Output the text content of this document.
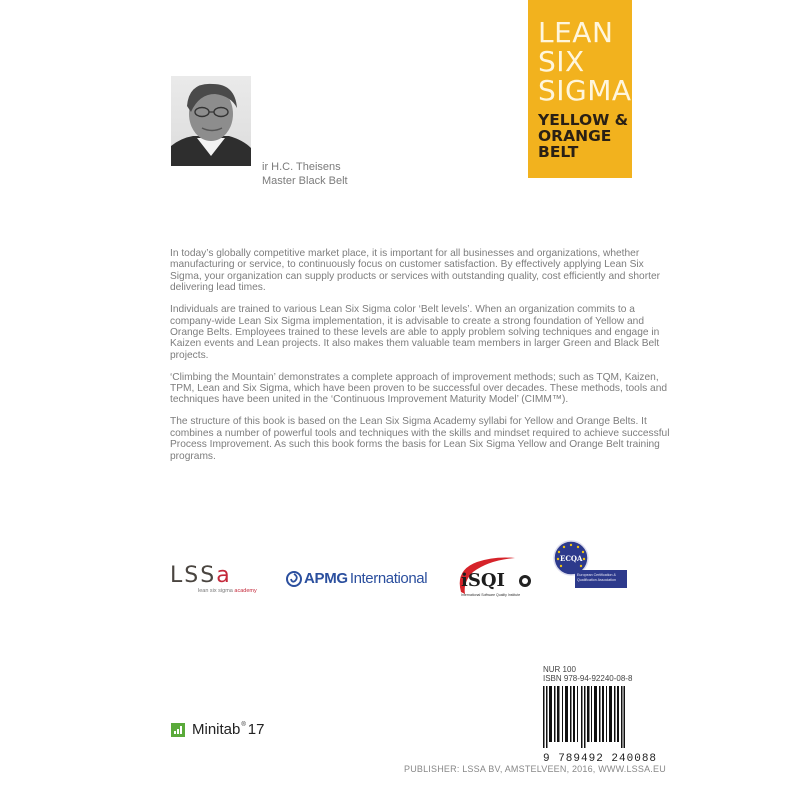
LEAN
SIX
SIGMA
YELLOW &
ORANGE
BELT
ir H.C. Theisens
Master Black Belt

In today’s globally competitive market place, it is important for all businesses and organizations, whether manufacturing or service, to continuously focus on customer satisfaction. By effectively applying Lean Six Sigma, your organization can supply products or services with outstanding quality, cost efficiently and shorter delivering lead times.

Individuals are trained to various Lean Six Sigma color ‘Belt levels’. When an organization commits to a company-wide Lean Six Sigma implementation, it is advisable to create a strong foundation of Yellow and Orange Belts. Employees trained to these levels are able to apply problem solving techniques and engage in Kaizen events and Lean projects. It also makes them valuable team members in larger Green and Black Belt projects.

‘Climbing the Mountain’ demonstrates a complete approach of improvement methods; such as TQM, Kaizen, TPM, Lean and Six Sigma, which have been proven to be successful over decades. These methods, tools and techniques have been united in the ‘Continuous Improvement Maturity Model’ (CIMM™).

The structure of this book is based on the Lean Six Sigma Academy syllabi for Yellow and Orange Belts. It combines a number of powerful tools and techniques with the skills and mindset required to achieve successful Process Improvement. As such this book forms the basis for Lean Six Sigma Yellow and Orange Belt training programs.

LSSa
lean six sigma academy
APMG International iSQI
International Software Quality Institute
ECQA
European Certification &
Qualification Association
NUR 100
ISBN 978-94-92240-08-8
9 789492 240088
Minitab ® 17
PUBLISHER: LSSA BV, AMSTELVEEN, 2016, WWW.LSSA.EU
